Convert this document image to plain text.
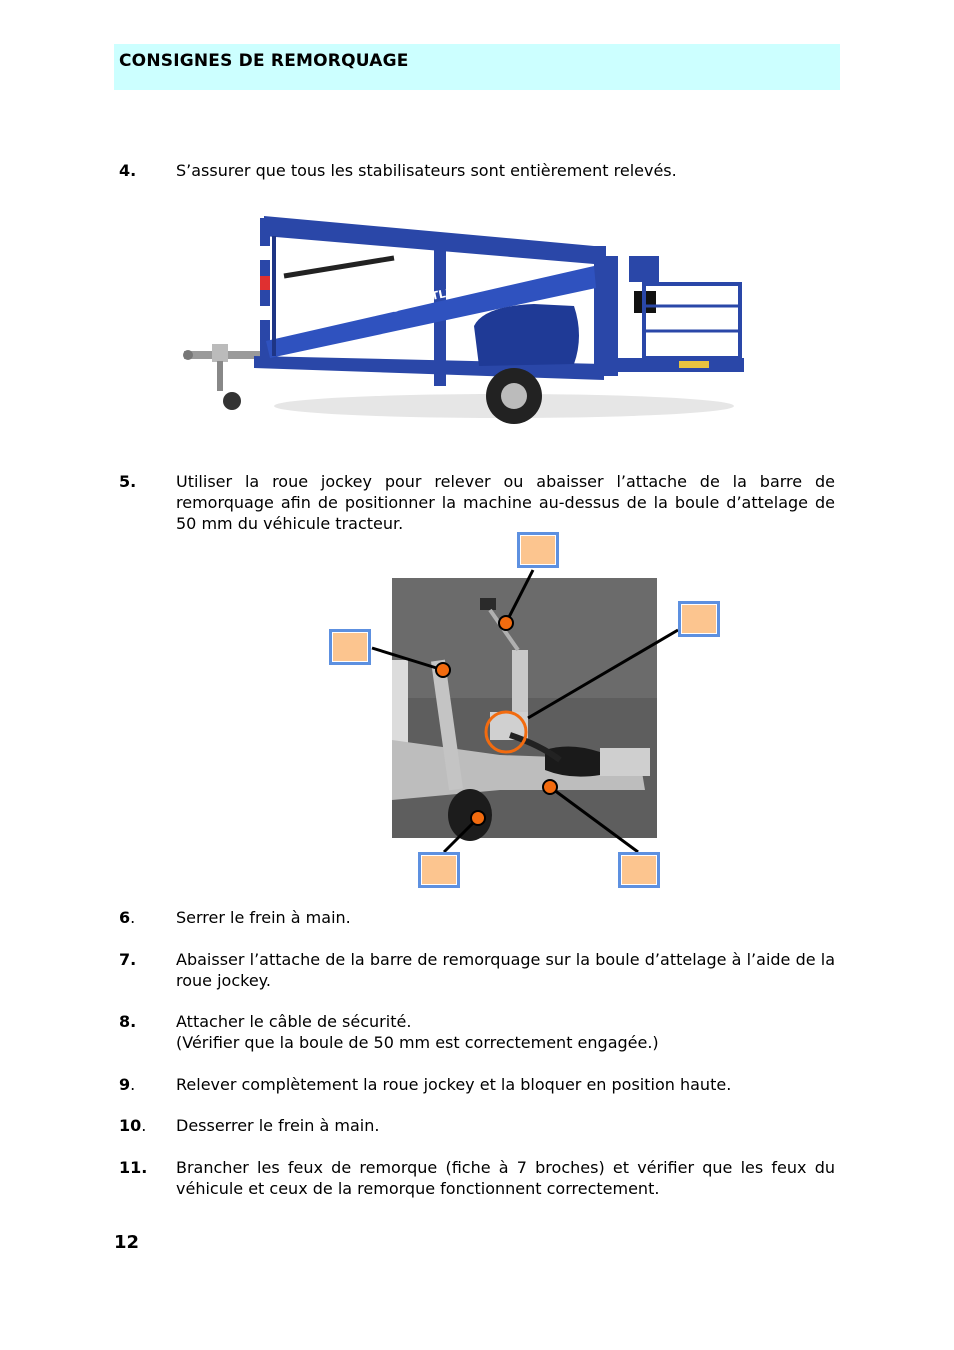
CONSIGNES DE REMORQUAGE
4. S’assurer que tous les stabilisateurs sont entièrement relevés.
UpRight
TL37
5. Utiliser la roue jockey pour relever ou abaisser l’attache de la barre de remorquage afin de positionner la machine au-dessus de la boule d’attelage de 50 mm du véhicule tracteur.
6.	Serrer le frein à main.
7. Abaisser l’attache de la barre de remorquage sur la boule d’attelage à l’aide de la roue jockey.
8. Attacher le câble de sécurité.
(Vérifier que la boule de 50 mm est correctement engagée.)
9.	Relever complètement la roue jockey et la bloquer en position haute.
10. Desserrer le frein à main.
11. Brancher les feux de remorque (fiche à 7 broches) et vérifier que les feux du véhicule et ceux de la remorque fonctionnent correctement.
12
